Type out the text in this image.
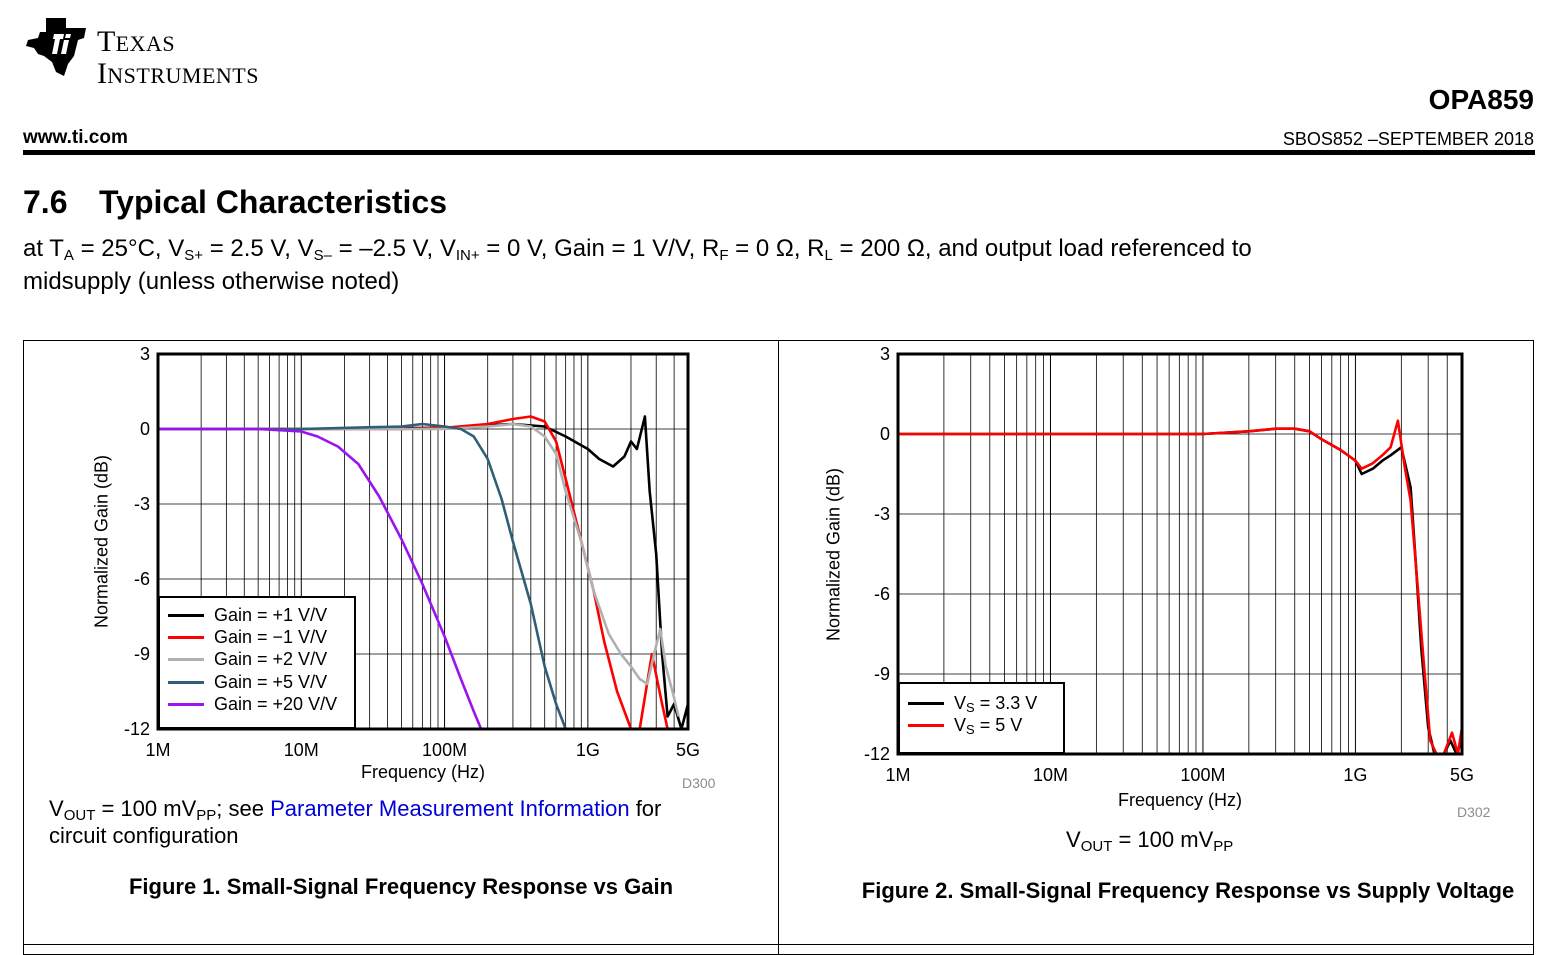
TEXAS
INSTRUMENTS
OPA859
www.ti.com	SBOS852 –SEPTEMBER 2018
7.6 Typical Characteristics
at $T_A = 25^\circ C$, $V_{S+} = 2.5$ V, $V_{S-} = -2.5$ V, $V_{IN+} = 0$ V, Gain = 1 V/V, $R_F = 0$ Ω, $R_L = 200$ Ω, and output load referenced to
midsupply (unless otherwise noted)
3
0
-3
-6
-9
-12
1M	10M	100M	1G	5G
Normalized Gain (dB)
Frequency (Hz)
D300
Gain = +1 V/V
Gain = −1 V/V
Gain = +2 V/V
Gain = +5 V/V
Gain = +20 V/V
$V_{OUT} = 100$ $mV_{PP}$; see Parameter Measurement Information for
circuit configuration
Figure 1. Small-Signal Frequency Response vs Gain
3
0
-3
-6
-9
-12
1M	10M	100M	1G	5G
Normalized Gain (dB)
Frequency (Hz)
D302
$V_S = 3.3$ V
$V_S = 5$ V
$V_{OUT} = 100$ $mV_{PP}$
Figure 2. Small-Signal Frequency Response vs Supply Voltage
